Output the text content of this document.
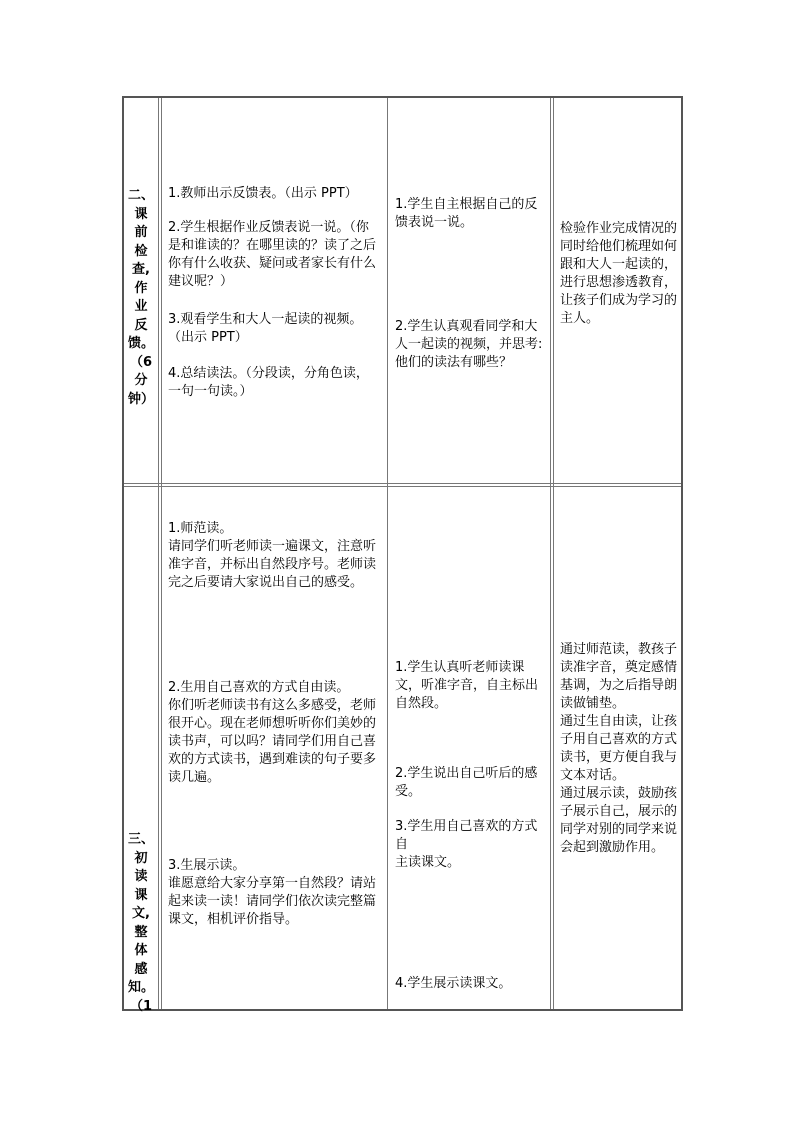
二、
课
前
检
查,
作
业
反
馈。
（6
分
钟）
1.教师出示反馈表。（出示 PPT）
2.学生根据作业反馈表说一说。（你是和谁读的？在哪里读的？读了之后你有什么收获、疑问或者家长有什么建议呢？）
3.观看学生和大人一起读的视频。（出示 PPT）
4.总结读法。（分段读，分角色读，一句一句读。）
1.学生自主根据自己的反馈表说一说。
2.学生认真观看同学和大人一起读的视频，并思考: 他们的读法有哪些？
检验作业完成情况的同时给他们梳理如何跟和大人一起读的，进行思想渗透教育，让孩子们成为学习的主人。
三、
初
读
课
文,
整
体
感
知。
（1
1.师范读。
请同学们听老师读一遍课文，注意听准字音，并标出自然段序号。老师读完之后要请大家说出自己的感受。
2.生用自己喜欢的方式自由读。
你们听老师读书有这么多感受，老师很开心。现在老师想听听你们美妙的读书声，可以吗？请同学们用自己喜欢的方式读书，遇到难读的句子要多读几遍。
3.生展示读。
谁愿意给大家分享第一自然段？请站起来读一读！请同学们依次读完整篇课文，相机评价指导。
1.学生认真听老师读课文，听准字音，自主标出自然段。
2.学生说出自己听后的感受。
3.学生用自己喜欢的方式自
主读课文。
4.学生展示读课文。
通过师范读，教孩子读准字音，奠定感情基调，为之后指导朗读做铺垫。
通过生自由读，让孩子用自己喜欢的方式读书，更方便自我与文本对话。
通过展示读，鼓励孩子展示自己，展示的同学对别的同学来说会起到激励作用。
